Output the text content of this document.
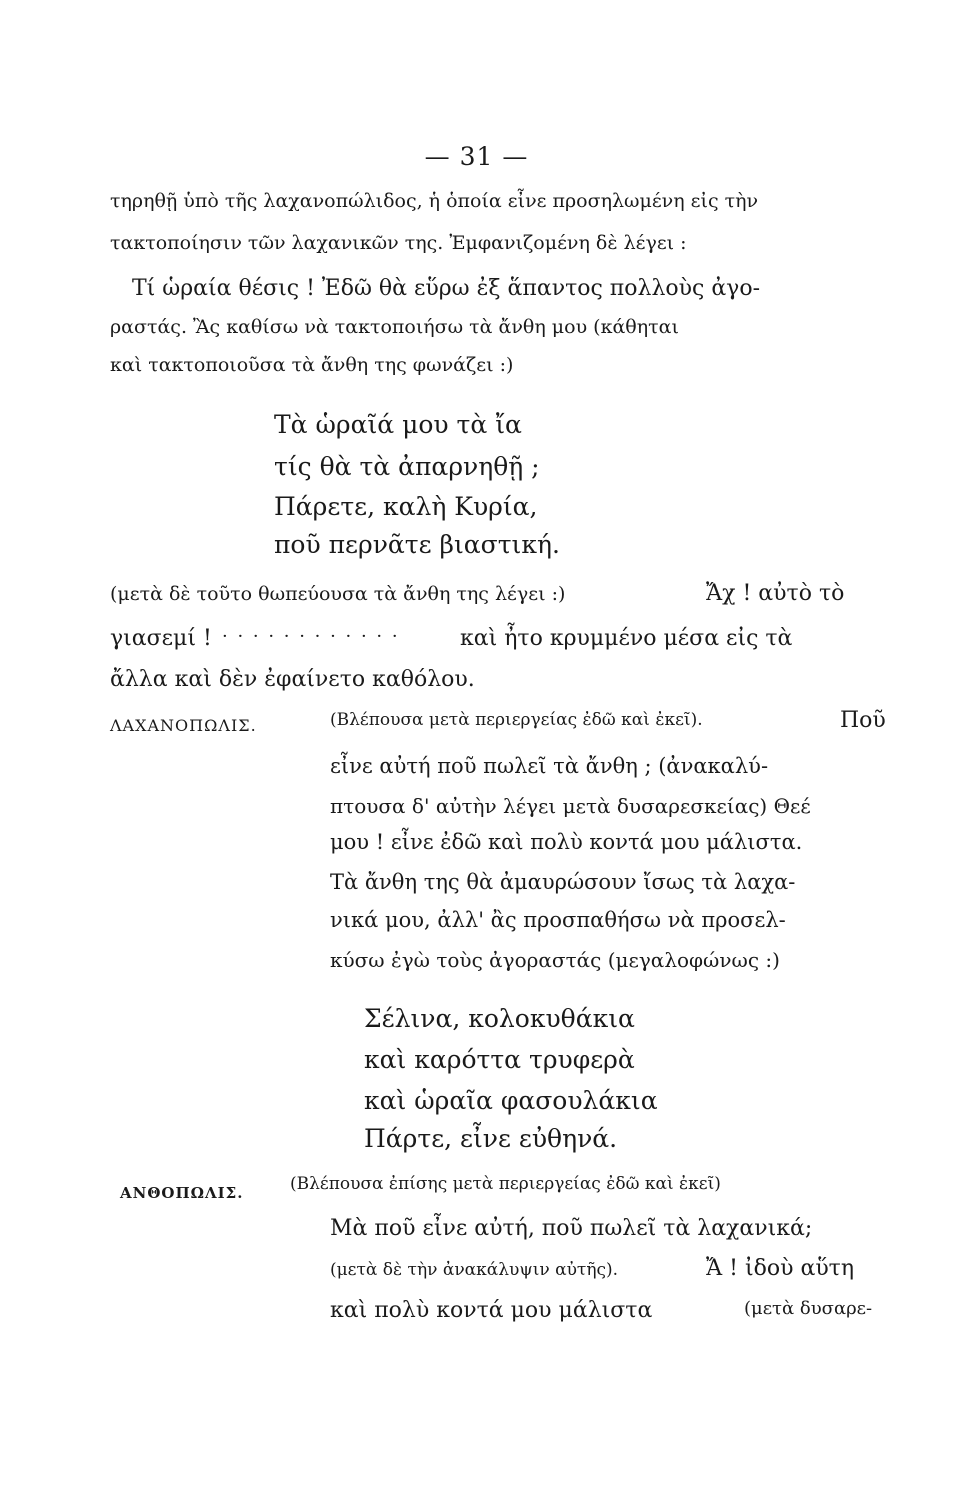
— 31 —
τηρηθῇ ὑπὸ τῆς λαχανοπώλιδος, ἡ ὁποία εἶνε προσηλωμένη εἰς τὴν
τακτοποίησιν τῶν λαχανικῶν της. Ἐμφανιζομένη δὲ λέγει :
Τί ὡραία θέσις ! Ἐδῶ θὰ εὕρω ἐξ ἅπαντος πολλοὺς ἀγο-
ραστάς. Ἂς καθίσω νὰ τακτοποιήσω τὰ ἄνθη μου (κάθηται
καὶ τακτοποιοῦσα τὰ ἄνθη της φωνάζει :)
Τὰ ὡραῖά μου τὰ ἴα
τίς θὰ τὰ ἀπαρνηθῇ ;
Πάρετε, καλὴ Κυρία,
ποῦ περνᾶτε βιαστική.
(μετὰ δὲ τοῦτο θωπεύουσα τὰ ἄνθη της λέγει :)	Ἄχ ! αὐτὸ τὸ
γιασεμί ! · · · · · · · · · · · ·	καὶ ἦτο κρυμμένο μέσα εἰς τὰ
ἄλλα καὶ δὲν ἐφαίνετο καθόλου.
ΛΑΧΑΝΟΠΩΛΙΣ.	(Βλέπουσα μετὰ περιεργείας ἐδῶ καὶ ἐκεῖ).	Ποῦ
εἶνε αὐτή ποῦ πωλεῖ τὰ ἄνθη ; (ἀνακαλύ-
πτουσα δ' αὐτὴν λέγει μετὰ δυσαρεσκείας) Θεέ
μου ! εἶνε ἐδῶ καὶ πολὺ κοντά μου μάλιστα.
Τὰ ἄνθη της θὰ ἀμαυρώσουν ἴσως τὰ λαχα-
νικά μου, ἀλλ' ἂς προσπαθήσω νὰ προσελ-
κύσω ἐγὼ τοὺς ἀγοραστάς (μεγαλοφώνως :)
Σέλινα, κολοκυθάκια
καὶ καρόττα τρυφερὰ
καὶ ὡραῖα φασουλάκια
Πάρτε, εἶνε εὐθηνά.
ΑΝΘΟΠΩΛΙΣ.	(Βλέπουσα ἐπίσης μετὰ περιεργείας ἐδῶ καὶ ἐκεῖ)
Μὰ ποῦ εἶνε αὐτή, ποῦ πωλεῖ τὰ λαχανικά;
(μετὰ δὲ τὴν ἀνακάλυψιν αὐτῆς).	Ἄ ! ἰδοὺ αὕτη
καὶ πολὺ κοντά μου μάλιστα	(μετὰ δυσαρε-
